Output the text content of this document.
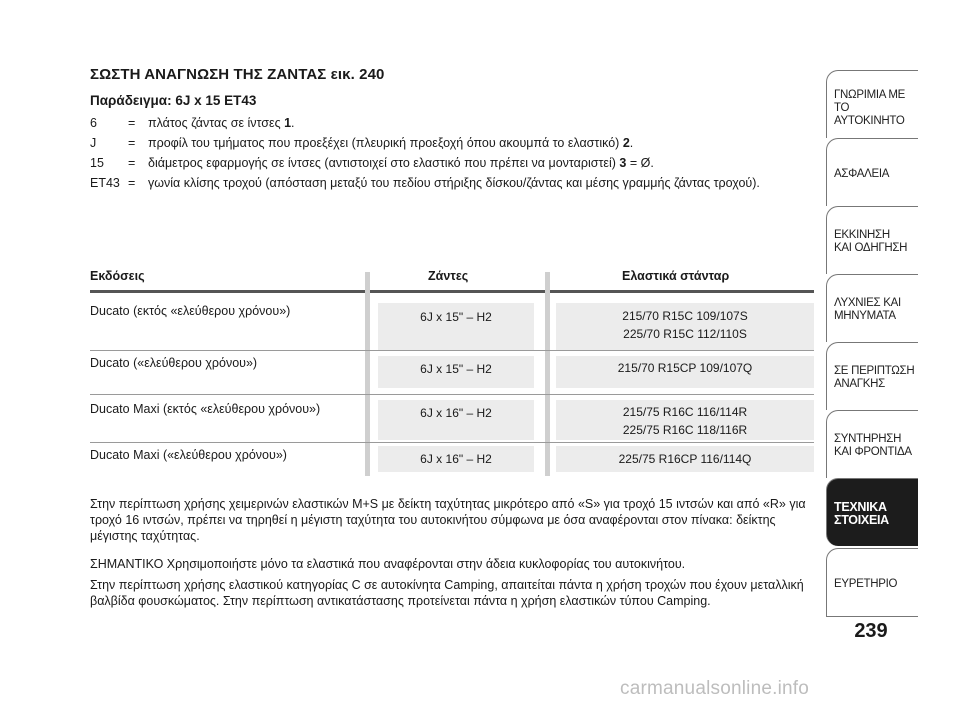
ΣΩΣΤΗ ΑΝΑΓΝΩΣΗ ΤΗΣ ΖΑΝΤΑΣ εικ. 240
Παράδειγμα: 6J x 15 ET43
6	= πλάτος ζάντας σε ίντσες 1.
J	= προφίλ του τμήματος που προεξέχει (πλευρική προεξοχή όπου ακουμπά το ελαστικό) 2.
15	= διάμετρος εφαρμογής σε ίντσες (αντιστοιχεί στο ελαστικό που πρέπει να μονταριστεί) 3 = Ø.
ET43 = γωνία κλίσης τροχού (απόσταση μεταξύ του πεδίου στήριξης δίσκου/ζάντας και μέσης γραμμής ζάντας τροχού).
Εκδόσεις	Ζάντες	Ελαστικά στάνταρ
Ducato (εκτός «ελεύθερου χρόνου»)	6J x 15" – H2	215/70 R15C 109/107S
225/70 R15C 112/110S
Ducato («ελεύθερου χρόνου»)	6J x 15" – H2	215/70 R15CP 109/107Q
Ducato Maxi (εκτός «ελεύθερου χρόνου»)	6J x 16" – H2	215/75 R16C 116/114R
225/75 R16C 118/116R
Ducato Maxi («ελεύθερου χρόνου»)	6J x 16" – H2	225/75 R16CP 116/114Q
Στην περίπτωση χρήσης χειμερινών ελαστικών M+S με δείκτη ταχύτητας μικρότερο από «S» για τροχό 15 ιντσών και από «R» για τροχό 16 ιντσών, πρέπει να τηρηθεί η μέγιστη ταχύτητα του αυτοκινήτου σύμφωνα με όσα αναφέρονται στον πίνακα: δείκτης μέγιστης ταχύτητας.
ΣΗΜΑΝΤΙΚΟ Χρησιμοποιήστε μόνο τα ελαστικά που αναφέρονται στην άδεια κυκλοφορίας του αυτοκινήτου.
Στην περίπτωση χρήσης ελαστικού κατηγορίας C σε αυτοκίνητα Camping, απαιτείται πάντα η χρήση τροχών που έχουν μεταλλική βαλβίδα φουσκώματος. Στην περίπτωση αντικατάστασης προτείνεται πάντα η χρήση ελαστικών τύπου Camping.
239
ΓΝΩΡΙΜΙΑ ΜΕ
ΤΟ ΑΥΤΟΚΙΝΗΤΟ
ΑΣΦΑΛΕΙΑ
ΕΚΚΙΝΗΣΗ
ΚΑΙ ΟΔΗΓΗΣΗ
ΛΥΧΝΙΕΣ ΚΑΙ
ΜΗΝΥΜΑΤΑ
ΣΕ ΠΕΡΙΠΤΩΣΗ
ΑΝΑΓΚΗΣ
ΣΥΝΤΗΡΗΣΗ
ΚΑΙ ΦΡΟΝΤΙΔΑ
ΤΕΧΝΙΚΑ
ΣΤΟΙΧΕΙΑ
ΕΥΡΕΤΗΡΙΟ
carmanualsonline.info
